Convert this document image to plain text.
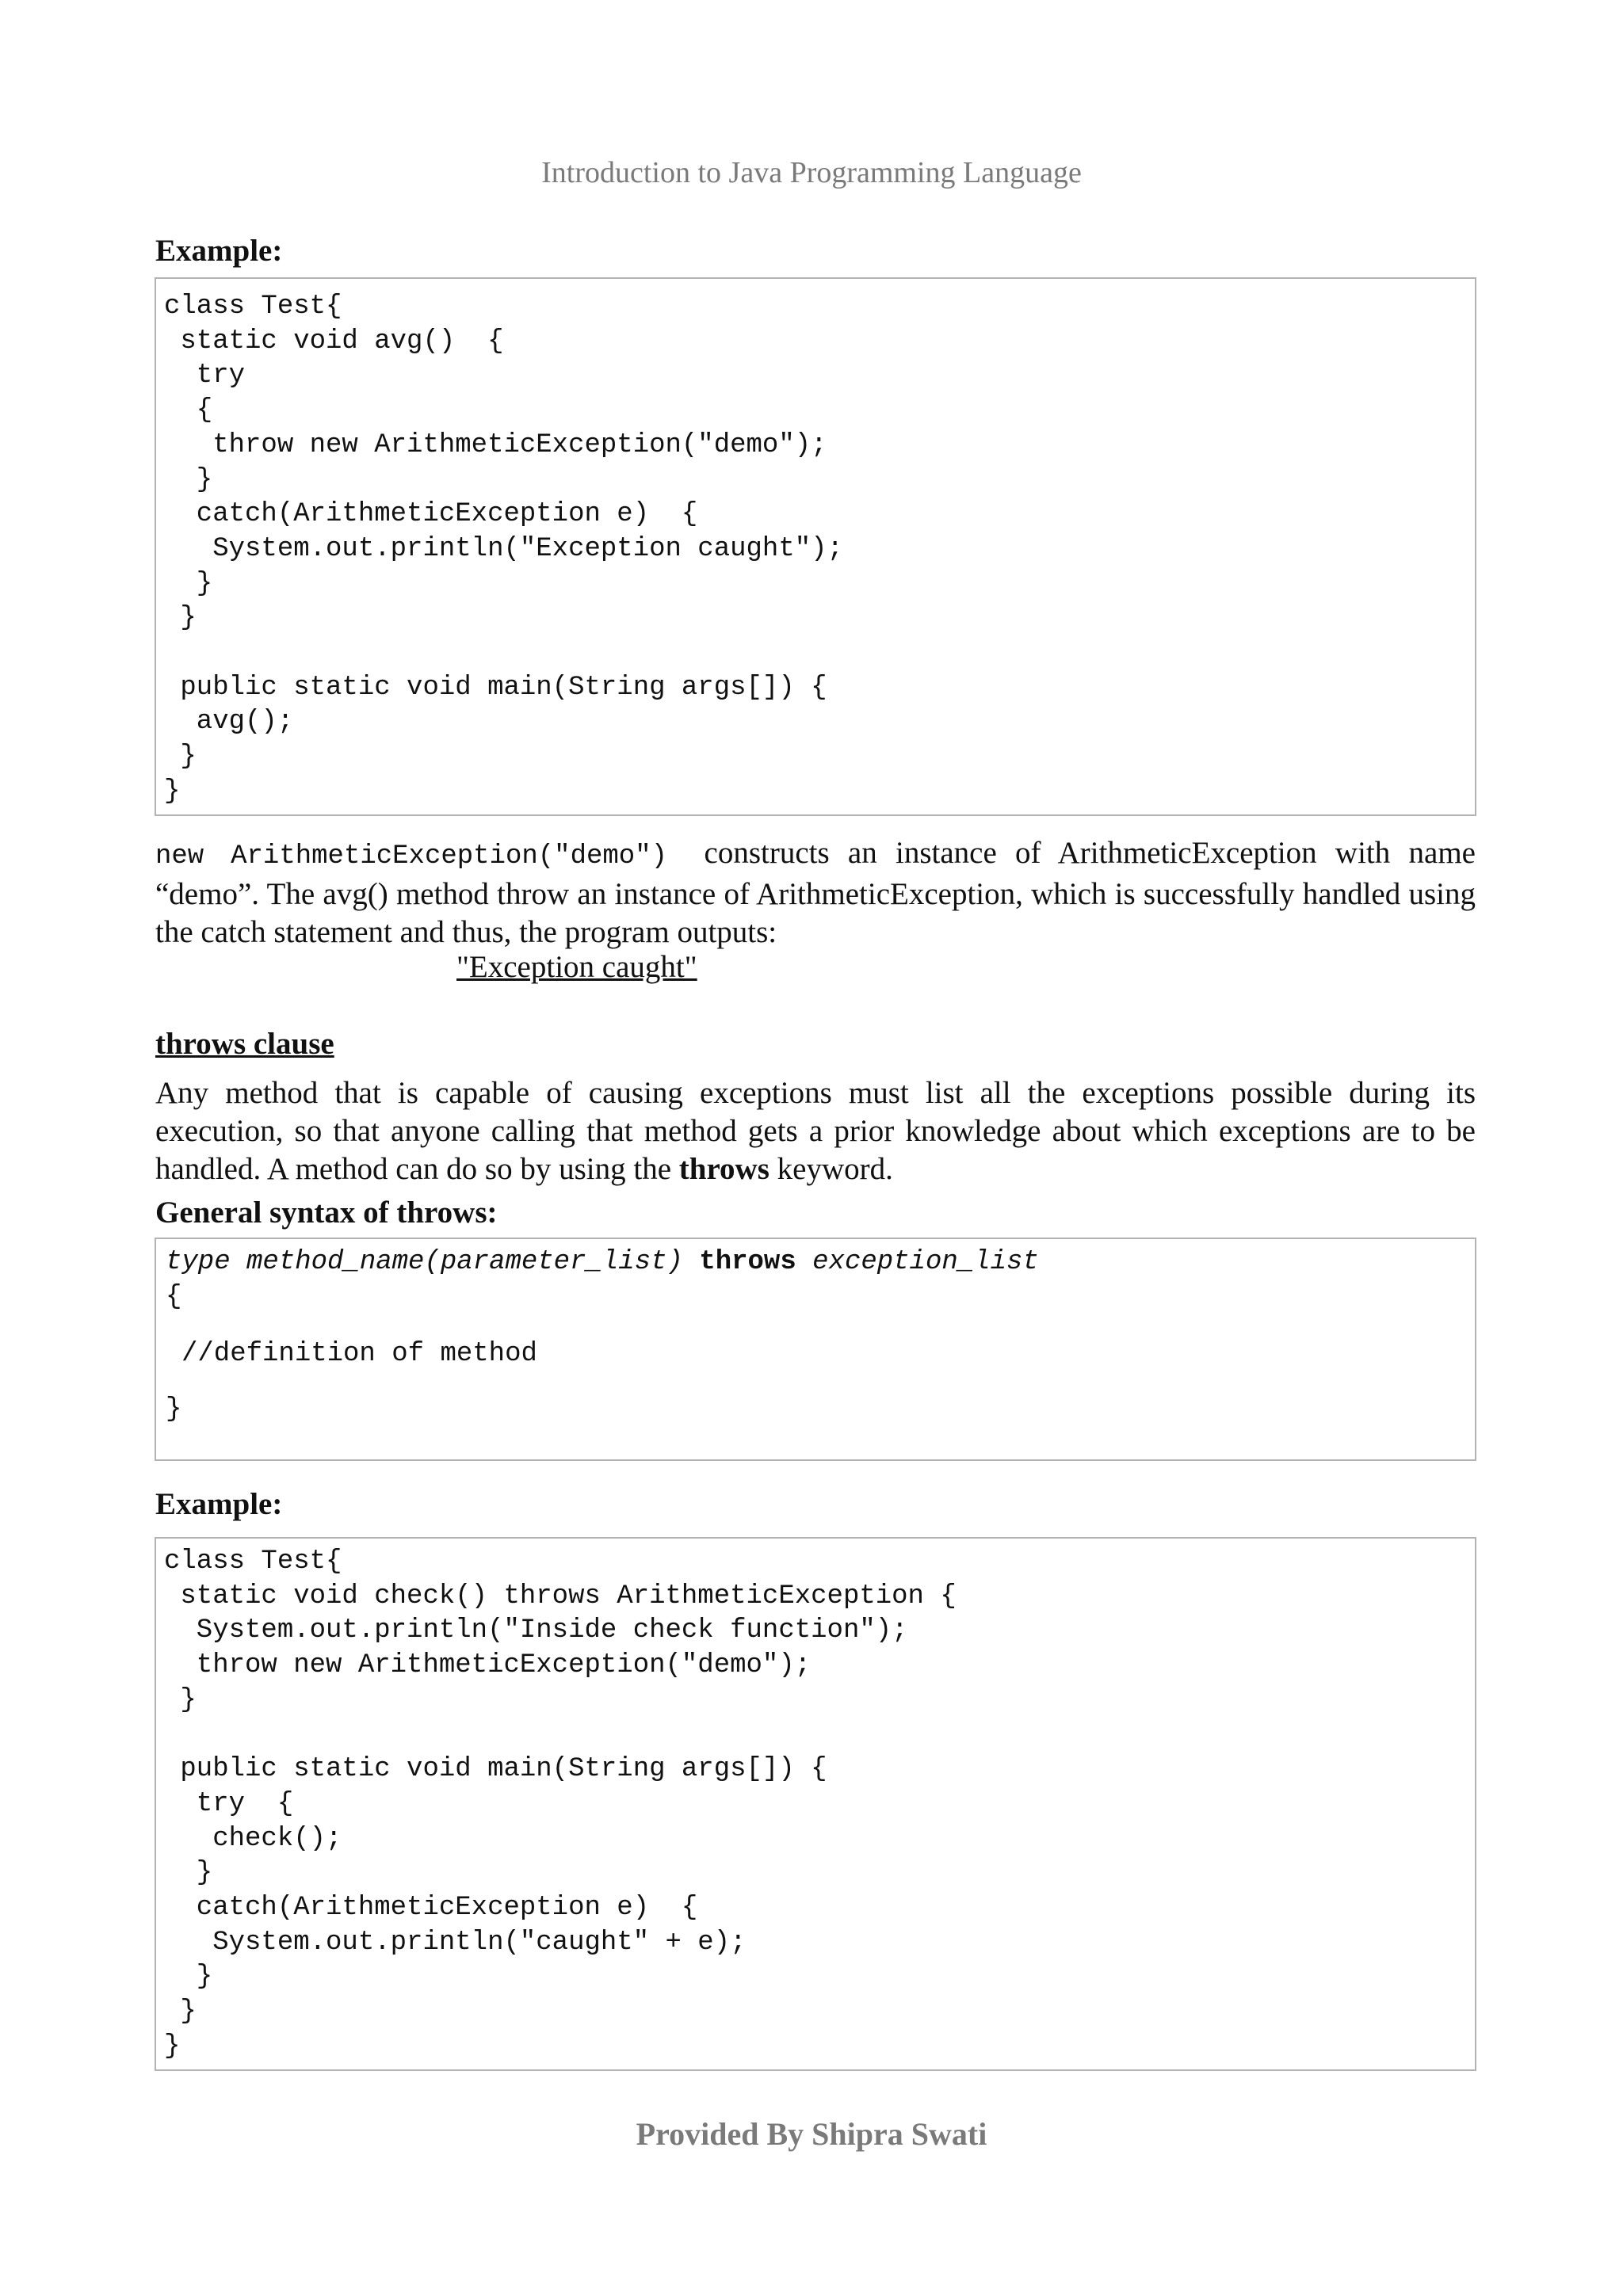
Introduction to Java Programming Language
Example:
class Test{
static void avg()  {
try
{
throw new ArithmeticException("demo");
}
catch(ArithmeticException e)  {
System.out.println("Exception caught");
}
}

public static void main(String args[]) {
avg();
}
}
new ArithmeticException("demo") constructs an instance of ArithmeticException with name “demo”. The avg() method throw an instance of ArithmeticException, which is successfully handled using the catch statement and thus, the program outputs:
"Exception caught"
throws clause
Any method that is capable of causing exceptions must list all the exceptions possible during its execution, so that anyone calling that method gets a prior knowledge about which exceptions are to be handled. A method can do so by using the throws keyword.
General syntax of throws:
type method_name(parameter_list) throws exception_list
{
//definition of method
}
Example:
class Test{
static void check() throws ArithmeticException {
System.out.println("Inside check function");
throw new ArithmeticException("demo");
}

public static void main(String args[]) {
try  {
check();
}
catch(ArithmeticException e)  {
System.out.println("caught" + e);
}
}
}
Provided By Shipra Swati
